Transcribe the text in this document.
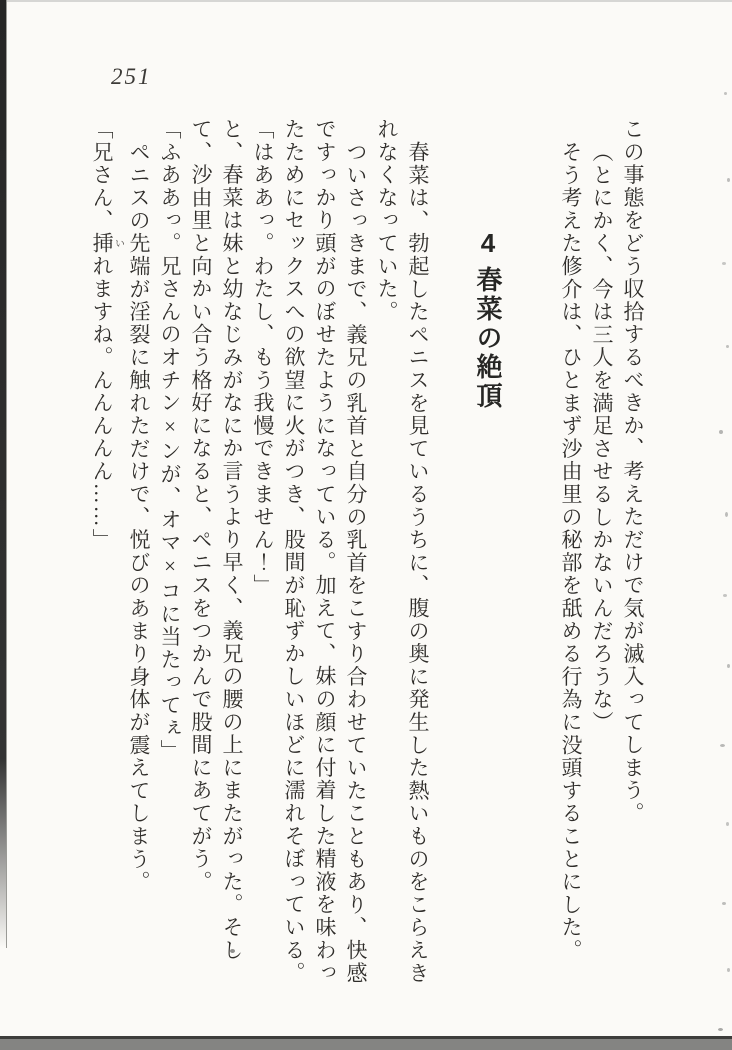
251

この事態をどう収拾するべきか、考えただけで気が滅入ってしまう。

（とにかく、今は三人を満足させるしかないんだろうな）

そう考えた修介は、ひとまず沙由里の秘部を舐める行為に没頭することにした。

4春菜の絶頂

春菜は、勃起したペニスを見ているうちに、腹の奥に発生した熱いものをこらえき

れなくなっていた。

ついさっきまで、義兄の乳首と自分の乳首をこすり合わせていたこともあり、快感

ですっかり頭がのぼせたようになっている。加えて、妹の顔に付着した精液を味わっ

たためにセックスへの欲望に火がつき、股間が恥ずかしいほどに濡れそぼっている。

「はああっ。わたし、もう我慢できません！」

と、春菜は妹と幼なじみがなにか言うより早く、義兄の腰の上にまたがった。そし

て、沙由里と向かい合う格好になると、ペニスをつかんで股間にあてがう。

「ふああっ。兄さんのオチン×ンが、オマ×コに当たってぇ」

ペニスの先端が淫裂に触れただけで、悦びのあまり身体が震えてしまう。

「兄さん、挿いれますね。んんんんん……」
